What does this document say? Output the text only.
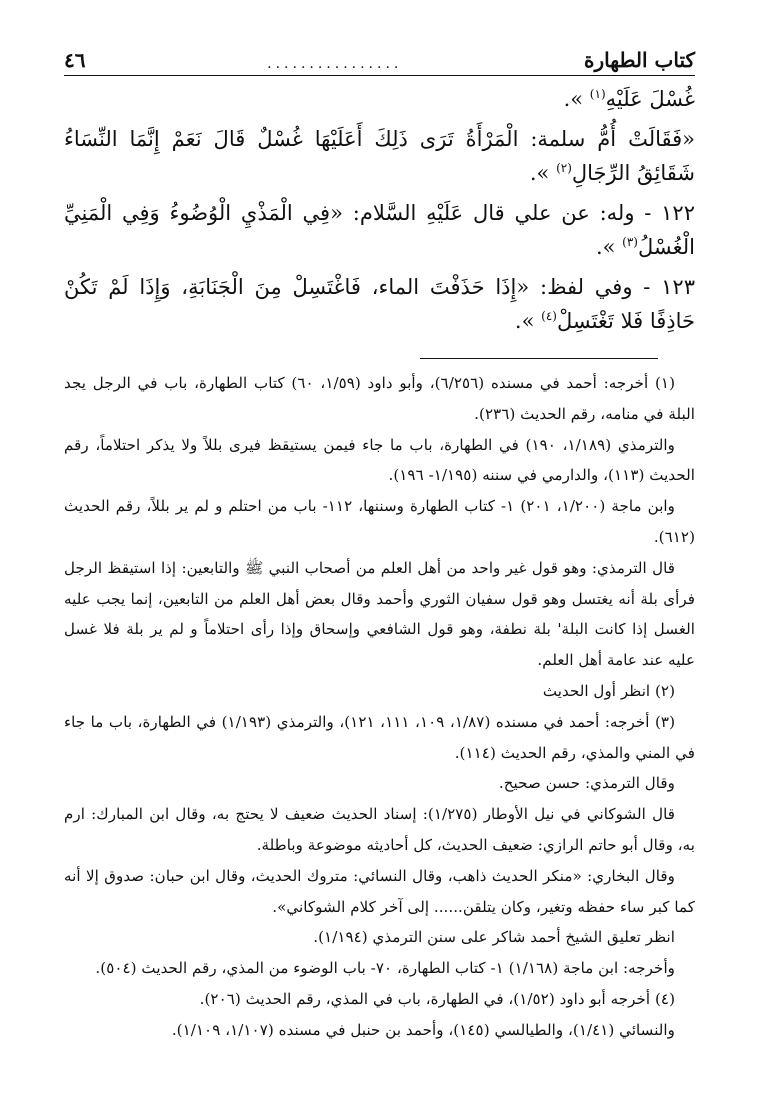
كتاب الطهارة
................
٤٦

غُسْلَ عَلَيْهِ$^{(١)}$ ».

«فَقَالَتْ أُمُّ سلمة: الْمَرْأَةُ تَرَى ذَلِكَ أَعَلَيْهَا غُسْلٌ قَالَ نَعَمْ إِنَّمَا النِّسَاءُ شَقَائِقُ الرِّجَالِ$^{(٢)}$ ».

١٢٢ - وله: عن علي قال عَلَيْهِ السَّلام: «فِي الْمَذْيِ الْوُضُوءُ وَفِي الْمَنِيِّ الْغُسْلُ$^{(٣)}$ ».

١٢٣ - وفي لفظ: «إِذَا حَذَفْتَ الماء، فَاغْتَسِلْ مِنَ الْجَنَابَةِ، وَإِذَا لَمْ تَكُنْ حَاذِفًا فَلا تَغْتَسِلْ$^{(٤)}$ ».

(١) أخرجه: أحمد في مسنده (٦/٢٥٦)، وأبو داود (١/٥٩، ٦٠) كتاب الطهارة، باب في الرجل يجد البلة في منامه، رقم الحديث (٢٣٦).

والترمذي (١/١٨٩، ١٩٠) في الطهارة، باب ما جاء فيمن يستيقظ فيرى بللاً ولا يذكر احتلاماً، رقم الحديث (١١٣)، والدارمي في سننه (١/١٩٥- ١٩٦).

وابن ماجة (١/٢٠٠، ٢٠١) ١- كتاب الطهارة وسننها، ١١٢- باب من احتلم و لم ير بللاً، رقم الحديث (٦١٢).

قال الترمذي: وهو قول غير واحد من أهل العلم من أصحاب النبي ﷺ والتابعين: إذا استيقظ الرجل فرأى بلة أنه يغتسل وهو قول سفيان الثوري وأحمد وقال بعض أهل العلم من التابعين، إنما يجب عليه الغسل إذا كانت البلة' بلة نطفة، وهو قول الشافعي وإسحاق وإذا رأى احتلاماً و لم ير بلة فلا غسل عليه عند عامة أهل العلم.

(٢) انظر أول الحديث

(٣) أخرجه: أحمد في مسنده (١/٨٧، ١٠٩، ١١١، ١٢١)، والترمذي (١/١٩٣) في الطهارة، باب ما جاء في المني والمذي، رقم الحديث (١١٤).

وقال الترمذي: حسن صحيح.

قال الشوكاني في نيل الأوطار (١/٢٧٥): إسناد الحديث ضعيف لا يحتج به، وقال ابن المبارك: ارم به، وقال أبو حاتم الرازي: ضعيف الحديث، كل أحاديثه موضوعة وباطلة.

وقال البخاري: «منكر الحديث ذاهب، وقال النسائي: متروك الحديث، وقال ابن حبان: صدوق إلا أنه كما كبر ساء حفظه وتغير، وكان يتلقن...... إلى آخر كلام الشوكاني».

انظر تعليق الشيخ أحمد شاكر على سنن الترمذي (١/١٩٤).

وأخرجه: ابن ماجة (١/١٦٨) ١- كتاب الطهارة، ٧٠- باب الوضوء من المذي، رقم الحديث (٥٠٤).

(٤) أخرجه أبو داود (١/٥٢)، في الطهارة، باب في المذي، رقم الحديث (٢٠٦).

والنسائي (١/٤١)، والطيالسي (١٤٥)، وأحمد بن حنبل في مسنده (١/١٠٧، ١/١٠٩).
